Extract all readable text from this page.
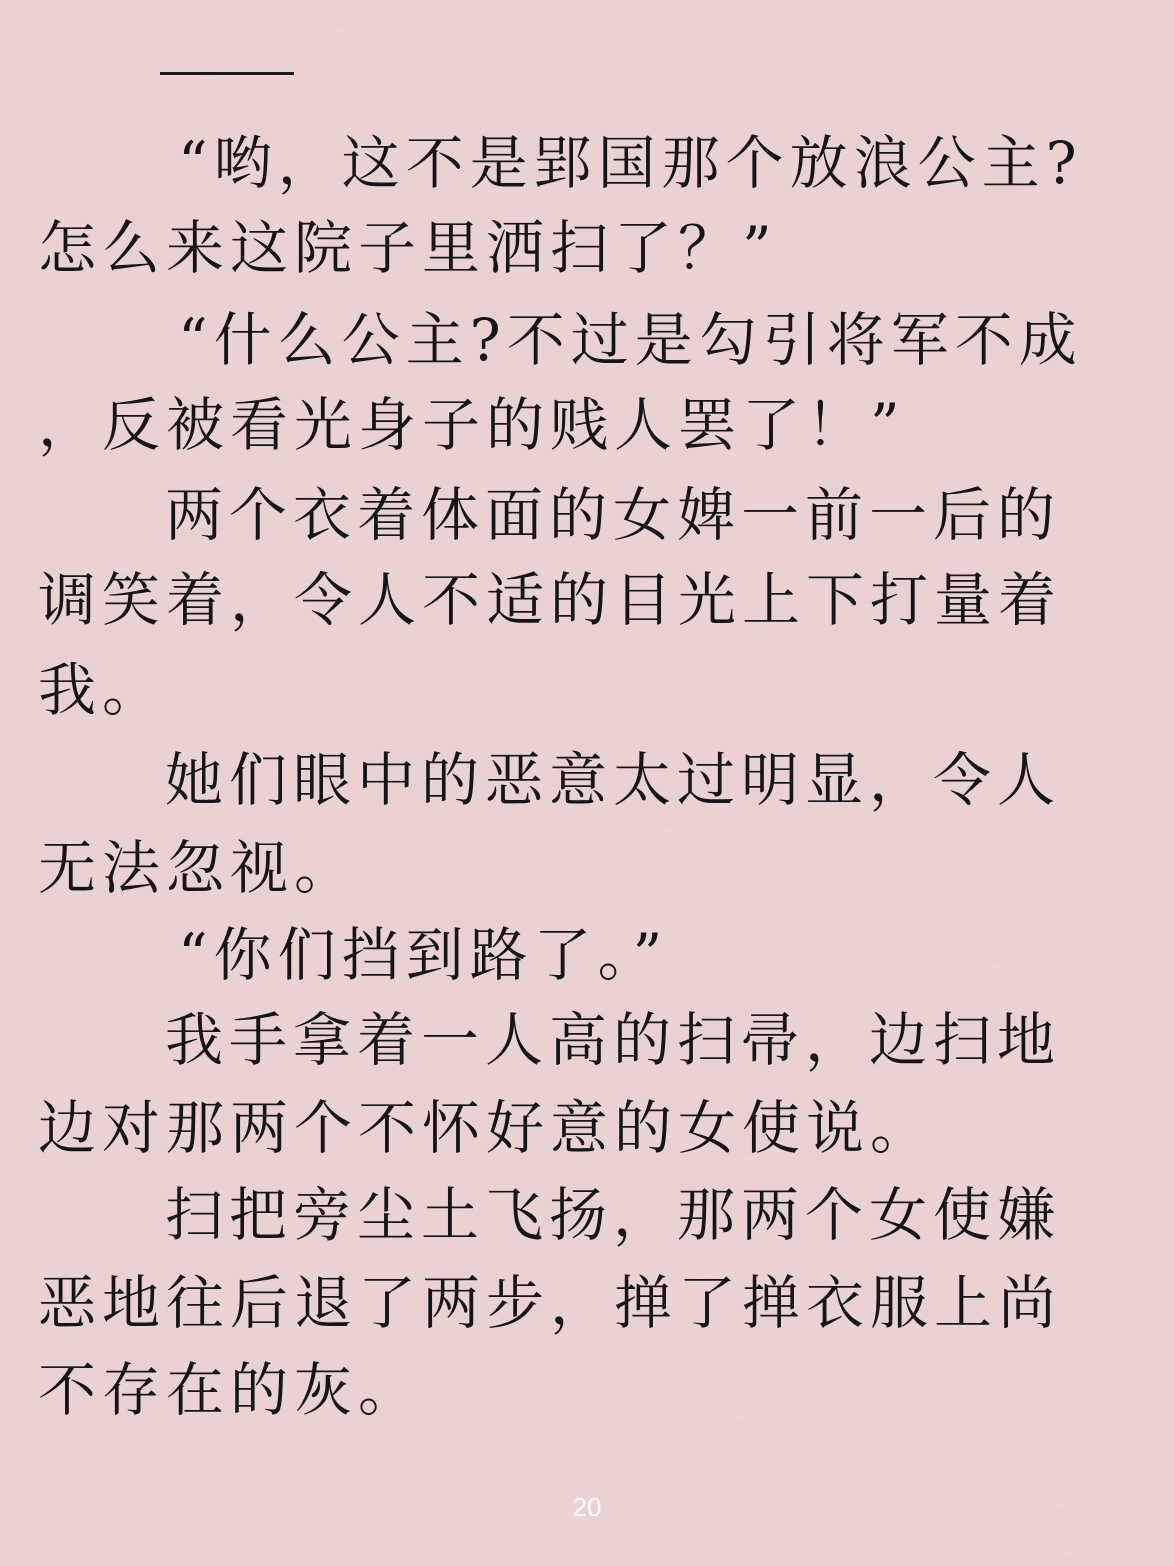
“哟，这不是郢国那个放浪公主?
怎么来这院子里洒扫了？”
“什么公主?不过是勾引将军不成
，反被看光身子的贱人罢了！”
两个衣着体面的女婢一前一后的
调笑着，令人不适的目光上下打量着
我。
她们眼中的恶意太过明显，令人
无法忽视。
“你们挡到路了。”
我手拿着一人高的扫帚，边扫地
边对那两个不怀好意的女使说。
扫把旁尘土飞扬，那两个女使嫌
恶地往后退了两步，掸了掸衣服上尚
不存在的灰。
20
